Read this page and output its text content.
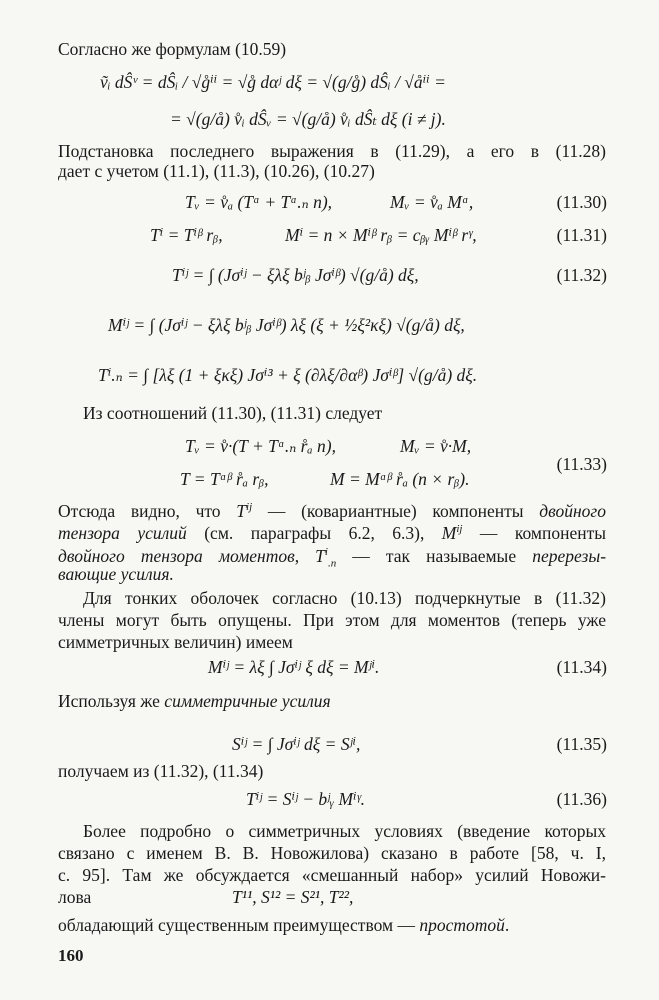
Согласно же формулам (10.59)
ṽᵢ dŜᵛ = dŜᵢ / √g̊ⁱⁱ = √g̊ dαʲ dξ = √(g/g̊) dŜᵢ / √åⁱⁱ =
= √(g/å) v̊ᵢ dŜᵥ = √(g/å) v̊ᵢ dŜₜ dξ (i ≠ j).
Подстановка последнего выражения в (11.29), а его в (11.28)
дает с учетом (11.1), (11.3), (10.26), (10.27)
Tᵥ = v̊ₐ (Tᵅ + Tᵅ.ₙ n),	Mᵥ = v̊ₐ Mᵅ,	(11.30)
Tⁱ = Tⁱᵝ rᵦ,	Mⁱ = n × Mⁱᵝ rᵦ = cᵦᵧ Mⁱᵝ rᵞ,	(11.31)
Tⁱʲ = ∫ (Jσⁱʲ − ξλξ bʲᵦ Jσⁱᵝ) √(g/å) dξ,	(11.32)
Mⁱʲ = ∫ (Jσⁱʲ − ξλξ bʲᵦ Jσⁱᵝ) λξ (ξ + ½ξ²κξ) √(g/å) dξ,
Tⁱ.ₙ = ∫ [λξ (1 + ξκξ) Jσⁱ³ + ξ (∂λξ/∂αᵝ) Jσⁱᵝ] √(g/å) dξ.
Из соотношений (11.30), (11.31) следует
Tᵥ = v̊·(T + Tᵅ.ₙ r̊ₐ n),	Mᵥ = v̊·M,
T = Tᵅᵝ r̊ₐ rᵦ,	M = Mᵅᵝ r̊ₐ (n × rᵦ).
(11.33)
Отсюда видно, что $T^{ij}$ — (ковариантные) компоненты двойного
тензора усилий (см. параграфы 6.2, 6.3), $M^{ij}$ — компоненты
двойного тензора моментов, $T^i_{.n}$ — так называемые перерезы-
вающие усилия.
Для тонких оболочек согласно (10.13) подчеркнутые в (11.32)
члены могут быть опущены. При этом для моментов (теперь уже
симметричных величин) имеем
Mⁱʲ = λξ ∫ Jσⁱʲ ξ dξ = Mʲⁱ.	(11.34)
Используя же симметричные усилия
Sⁱʲ = ∫ Jσⁱʲ dξ = Sʲⁱ,	(11.35)
получаем из (11.32), (11.34)
Tⁱʲ = Sⁱʲ − bʲᵧ Mⁱᵞ.	(11.36)
Более подробно о симметричных условиях (введение которых
связано с именем В. В. Новожилова) сказано в работе [58, ч. I,
с. 95]. Там же обсуждается «смешанный набор» усилий Новожи-
лова	T¹¹, S¹² = S²¹, T²²,
обладающий существенным преимуществом — простотой.
160
